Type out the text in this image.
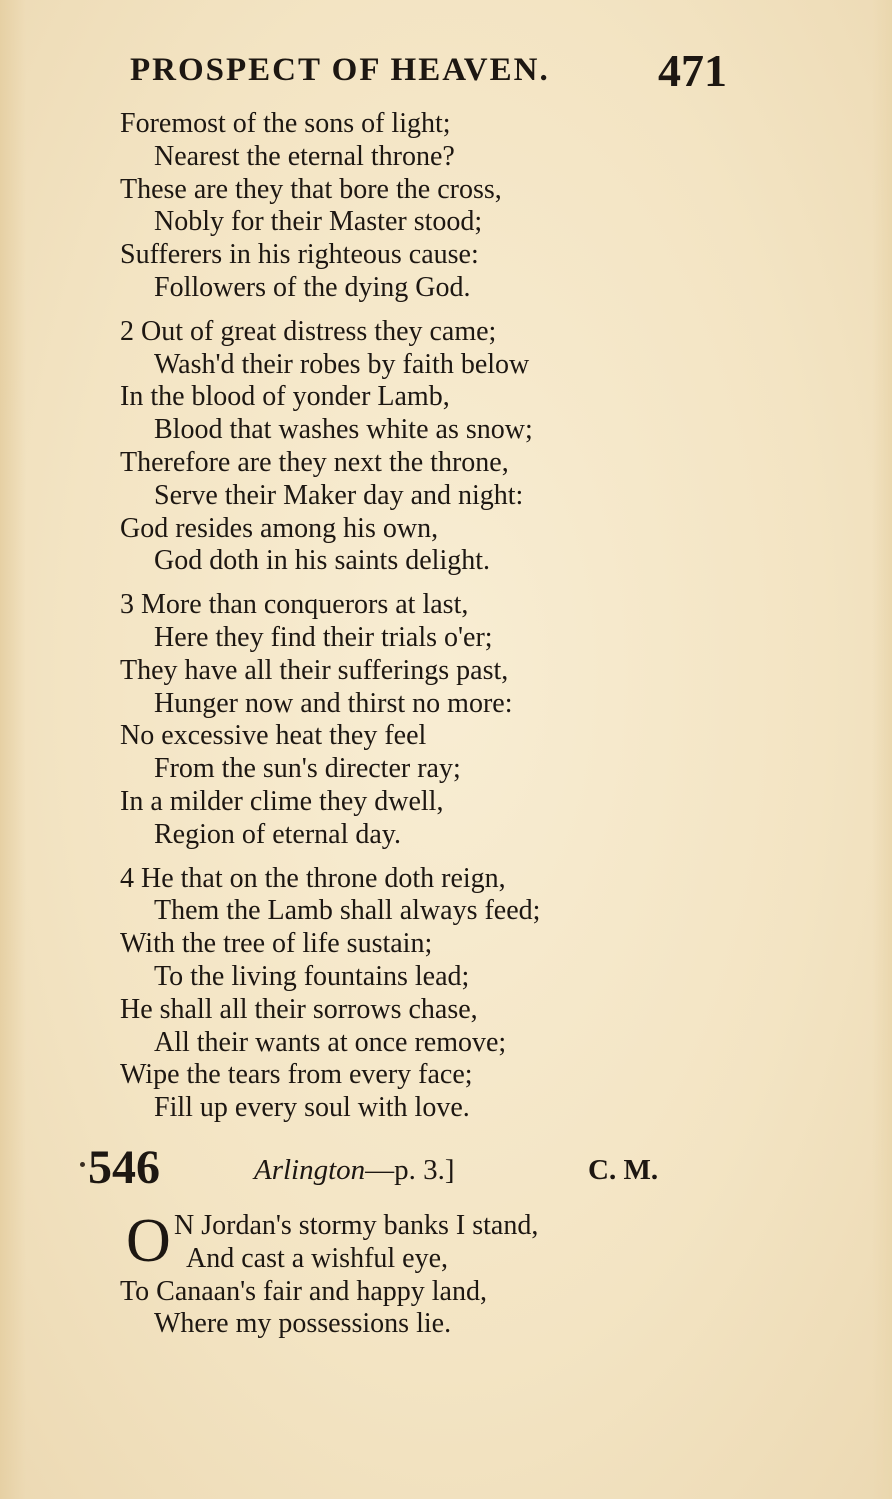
PROSPECT OF HEAVEN. 471
Foremost of the sons of light;
Nearest the eternal throne?
These are they that bore the cross,
Nobly for their Master stood;
Sufferers in his righteous cause:
Followers of the dying God.
2 Out of great distress they came;
Wash'd their robes by faith below
In the blood of yonder Lamb,
Blood that washes white as snow;
Therefore are they next the throne,
Serve their Maker day and night:
God resides among his own,
God doth in his saints delight.
3 More than conquerors at last,
Here they find their trials o'er;
They have all their sufferings past,
Hunger now and thirst no more:
No excessive heat they feel
From the sun's directer ray;
In a milder clime they dwell,
Region of eternal day.
4 He that on the throne doth reign,
Them the Lamb shall always feed;
With the tree of life sustain;
To the living fountains lead;
He shall all their sorrows chase,
All their wants at once remove;
Wipe the tears from every face;
Fill up every soul with love.
546	Arlington—p. 3.]	C. M.
O N Jordan's stormy banks I stand,
And cast a wishful eye,
To Canaan's fair and happy land,
Where my possessions lie.
